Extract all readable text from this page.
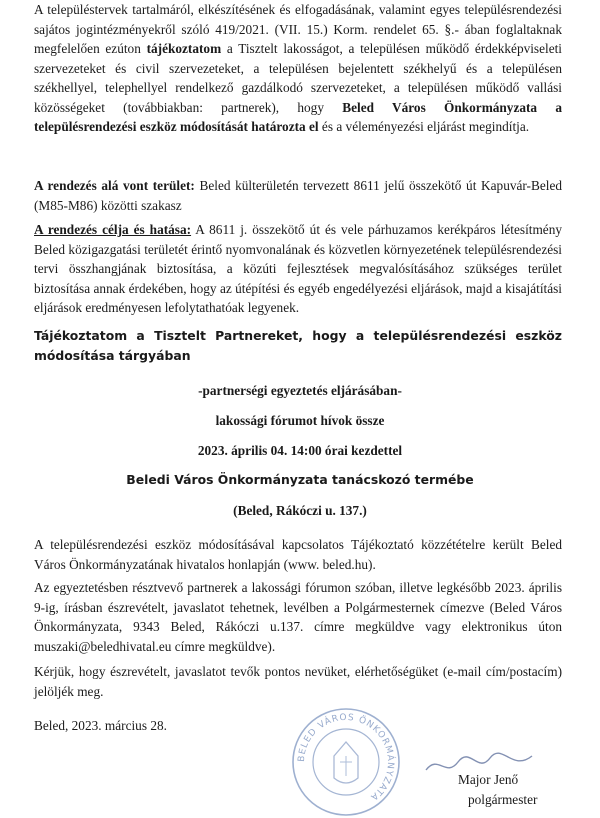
A településtervek tartalmáról, elkészítésének és elfogadásának, valamint egyes településrendezési sajátos jogintézményekről szóló 419/2021. (VII. 15.) Korm. rendelet 65. §.- ában foglaltaknak megfelelően ezúton tájékoztatom a Tisztelt lakosságot, a településen működő érdekképviseleti szervezeteket és civil szervezeteket, a településen bejelentett székhelyű és a településen székhellyel, telephellyel rendelkező gazdálkodó szervezeteket, a településen működő vallási közösségeket (továbbiakban: partnerek), hogy Beled Város Önkormányzata a településrendezési eszköz módosítását határozta el és a véleményezési eljárást megindítja.

A rendezés alá vont terület: Beled külterületén tervezett 8611 jelű összekötő út Kapuvár-Beled (M85-M86) közötti szakasz

A rendezés célja és hatása: A 8611 j. összekötő út és vele párhuzamos kerékpáros létesítmény Beled közigazgatási területét érintő nyomvonalának és közvetlen környezetének településrendezési tervi összhangjának biztosítása, a közúti fejlesztések megvalósításához szükséges terület biztosítása annak érdekében, hogy az útépítési és egyéb engedélyezési eljárások, majd a kisajátítási eljárások eredményesen lefolytathatóak legyenek.

Tájékoztatom a Tisztelt Partnereket, hogy a településrendezési eszköz módosítása tárgyában

-partnerségi egyeztetés eljárásában-
lakossági fórumot hívok össze
2023. április 04. 14:00 órai kezdettel
Beledi Város Önkormányzata tanácskozó termébe
(Beled, Rákóczi u. 137.)

A településrendezési eszköz módosításával kapcsolatos Tájékoztató közzétételre került Beled Város Önkormányzatának hivatalos honlapján (www. beled.hu).

Az egyeztetésben résztvevő partnerek a lakossági fórumon szóban, illetve legkésőbb 2023. április 9-ig, írásban észrevételt, javaslatot tehetnek, levélben a Polgármesternek címezve (Beled Város Önkormányzata, 9343 Beled, Rákóczi u.137. címre megküldve vagy elektronikus úton muszaki@beledhivatal.eu címre megküldve).

Kérjük, hogy észrevételt, javaslatot tevők pontos nevüket, elérhetőségüket (e-mail cím/postacím) jelöljék meg.

Beled, 2023. március 28.
BELED VÁROS ÖNKORMÁNYZATA
Major Jenő
polgármester
